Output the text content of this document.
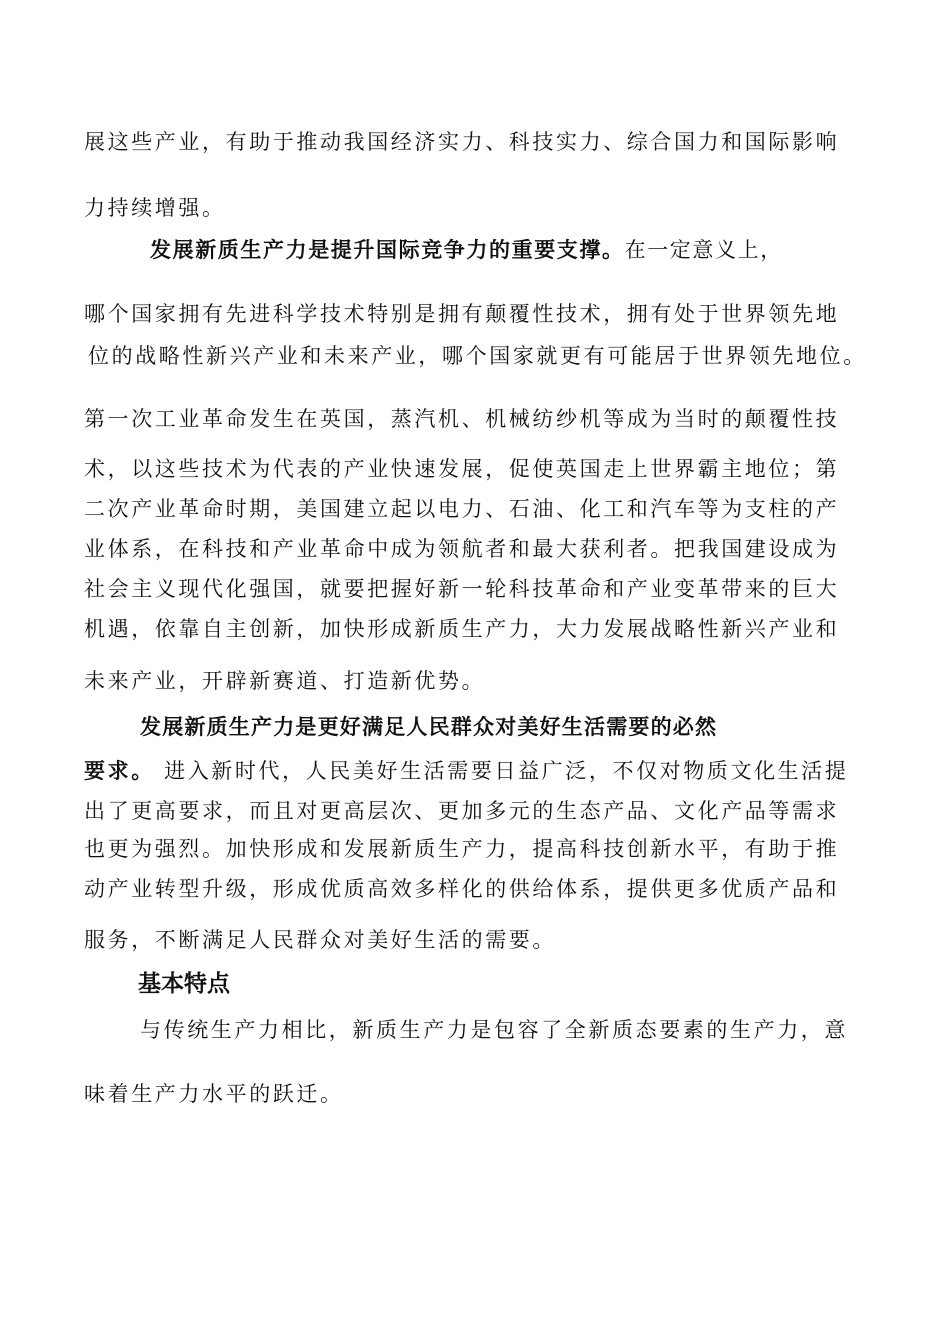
展这些产业，有助于推动我国经济实力、科技实力、综合国力和国际影响
力持续增强。
发展新质生产力是提升国际竞争力的重要支撑。在一定意义上，
哪个国家拥有先进科学技术特别是拥有颠覆性技术，拥有处于世界领先地
位的战略性新兴产业和未来产业，哪个国家就更有可能居于世界领先地位。
第一次工业革命发生在英国，蒸汽机、机械纺纱机等成为当时的颠覆性技
术，以这些技术为代表的产业快速发展，促使英国走上世界霸主地位；第
二次产业革命时期，美国建立起以电力、石油、化工和汽车等为支柱的产
业体系，在科技和产业革命中成为领航者和最大获利者。把我国建设成为
社会主义现代化强国，就要把握好新一轮科技革命和产业变革带来的巨大
机遇，依靠自主创新，加快形成新质生产力，大力发展战略性新兴产业和
未来产业，开辟新赛道、打造新优势。
发展新质生产力是更好满足人民群众对美好生活需要的必然
要求。 进入新时代，人民美好生活需要日益广泛，不仅对物质文化生活提
出了更高要求，而且对更高层次、更加多元的生态产品、文化产品等需求
也更为强烈。加快形成和发展新质生产力，提高科技创新水平，有助于推
动产业转型升级，形成优质高效多样化的供给体系，提供更多优质产品和
服务，不断满足人民群众对美好生活的需要。
基本特点
与传统生产力相比，新质生产力是包容了全新质态要素的生产力，意
味着生产力水平的跃迁。
